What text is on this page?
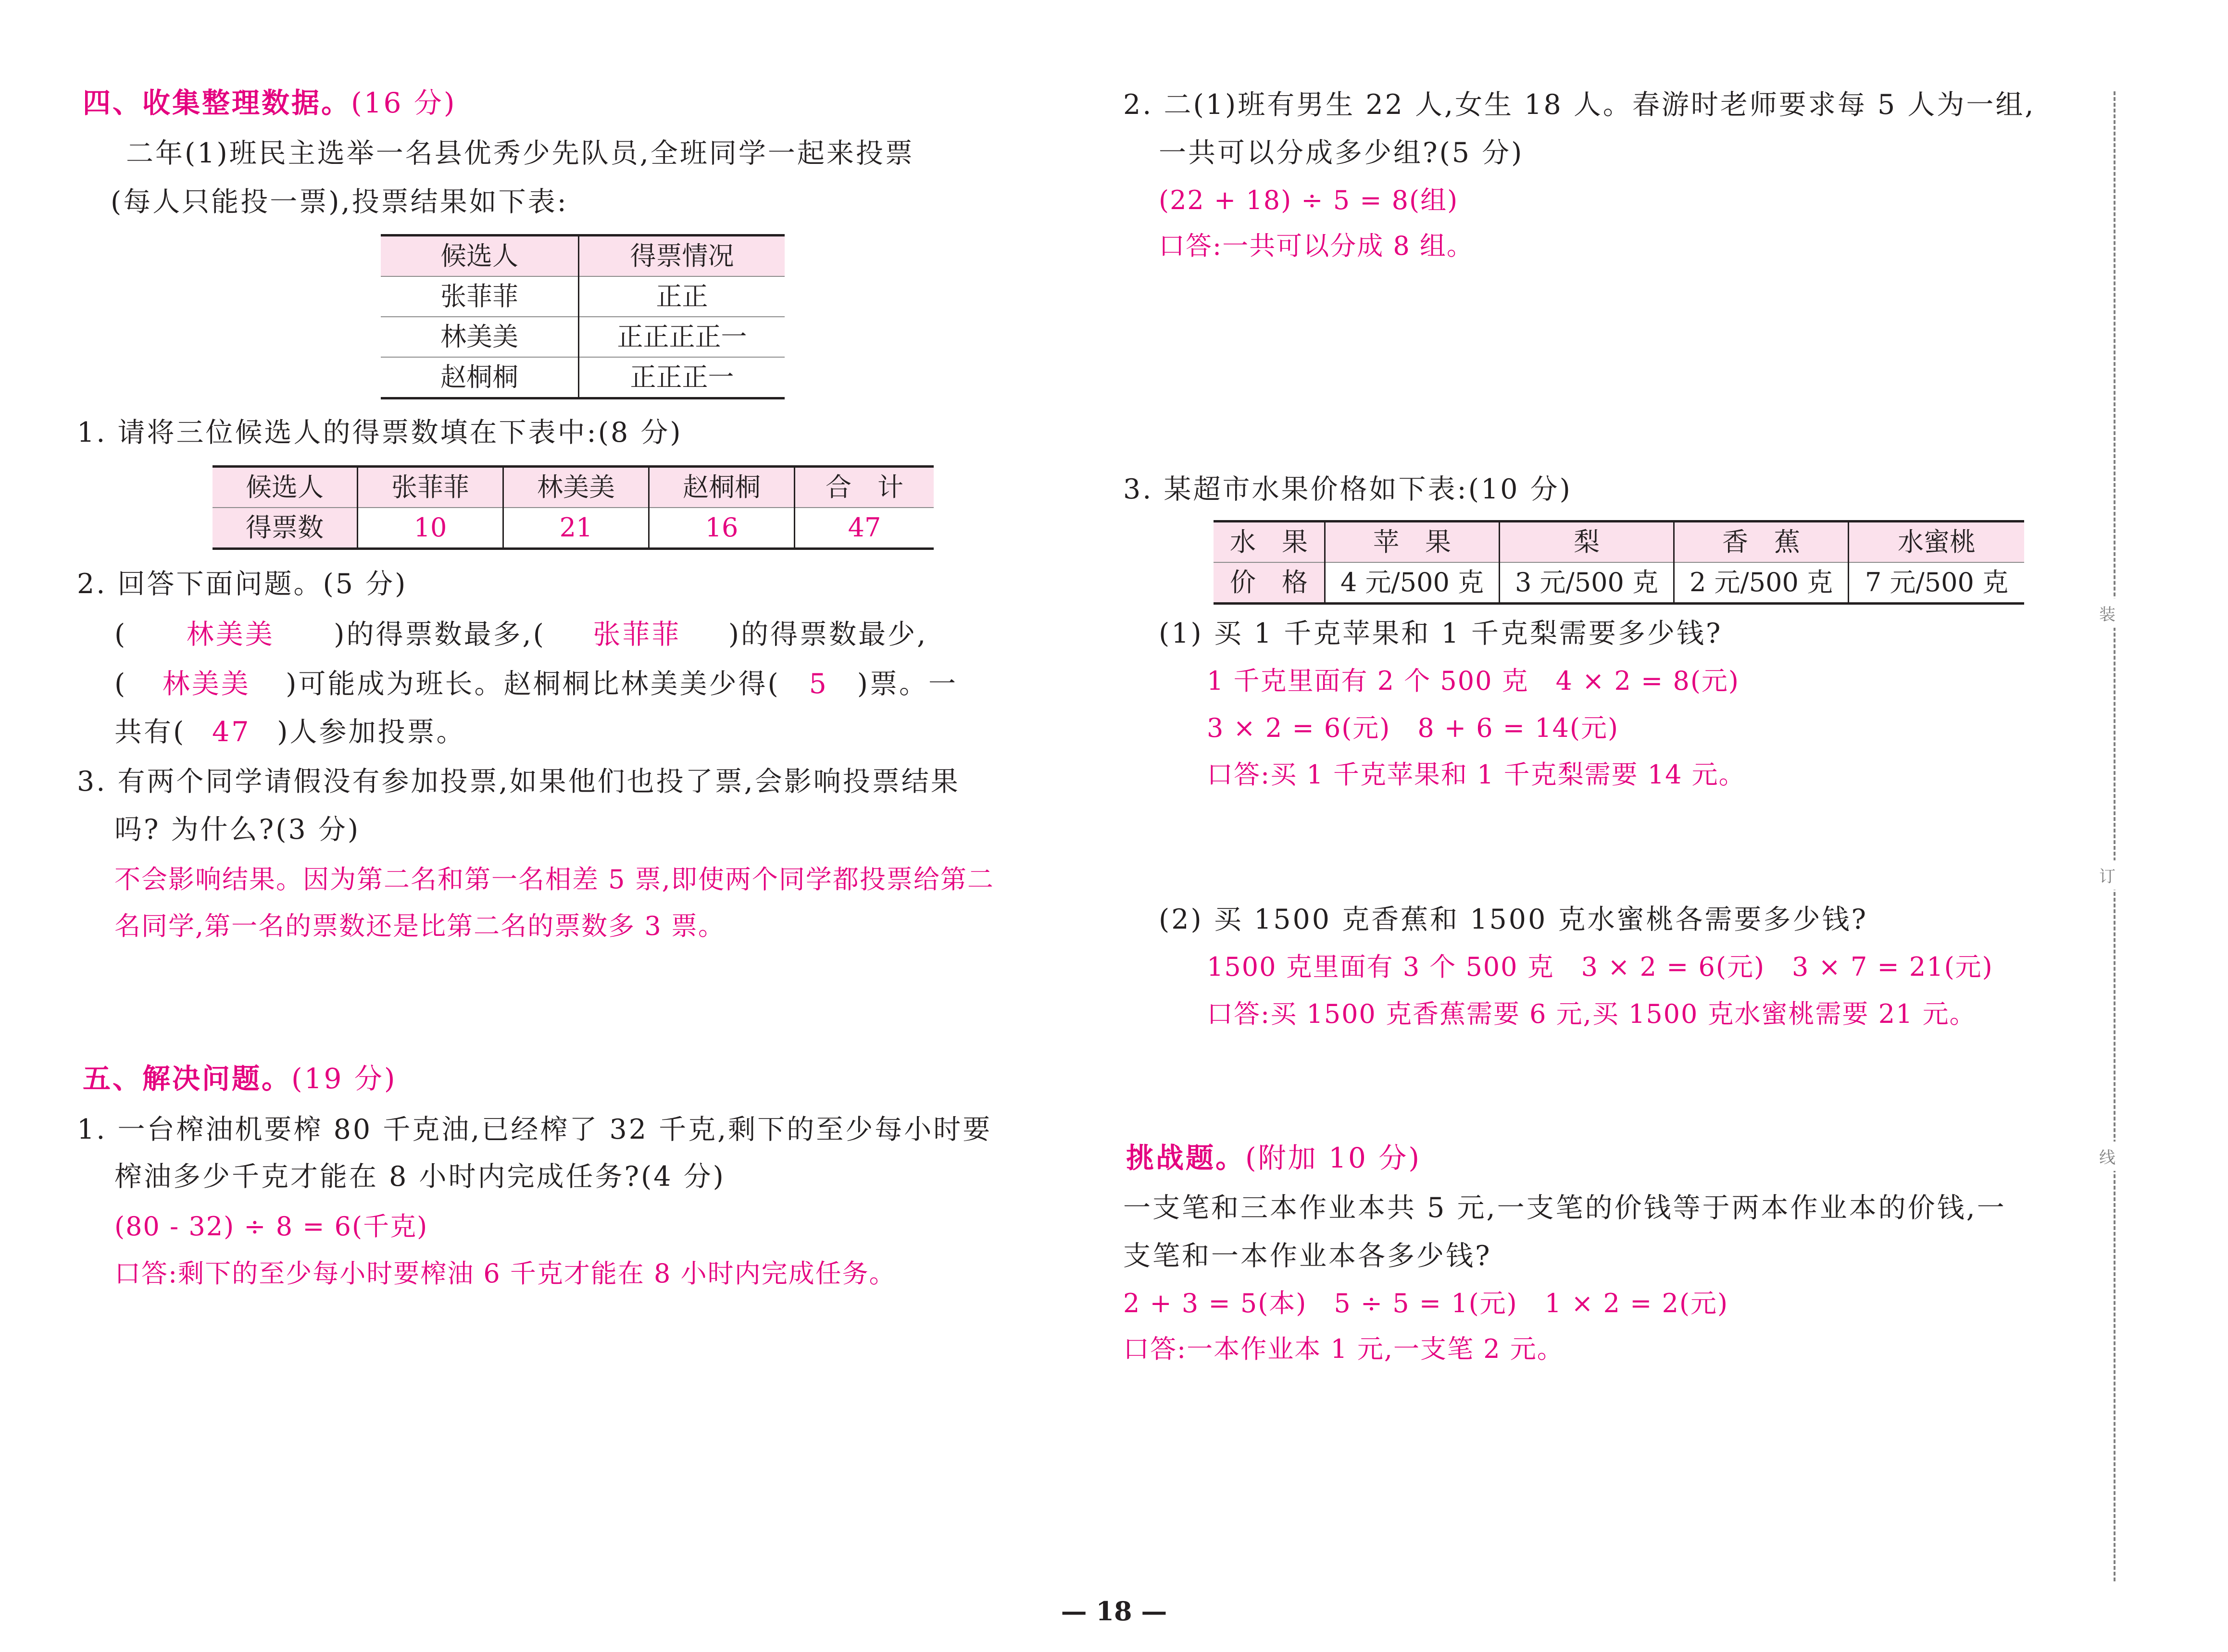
四、收集整理数据。(16 分)
二年(1)班民主选举一名县优秀少先队员,全班同学一起来投票
(每人只能投一票),投票结果如下表:
候选人	得票情况
张菲菲	正正
林美美	正正正正一
赵桐桐	正正正一
1. 请将三位候选人的得票数填在下表中:(8 分)
候选人	张菲菲	林美美	赵桐桐	合　计
得票数	10	21	16	47
2. 回答下面问题。(5 分)
( 林美美 )的得票数最多,( 张菲菲 )的得票数最少,
( 林美美 )可能成为班长。赵桐桐比林美美少得( 5 )票。一
共有( 47 )人参加投票。
3. 有两个同学请假没有参加投票,如果他们也投了票,会影响投票结果
吗? 为什么?(3 分)
不会影响结果。因为第二名和第一名相差 5 票,即使两个同学都投票给第二
名同学,第一名的票数还是比第二名的票数多 3 票。
五、解决问题。(19 分)
1. 一台榨油机要榨 80 千克油,已经榨了 32 千克,剩下的至少每小时要
榨油多少千克才能在 8 小时内完成任务?(4 分)
(80 - 32) ÷ 8 = 6(千克)
口答:剩下的至少每小时要榨油 6 千克才能在 8 小时内完成任务。
2. 二(1)班有男生 22 人,女生 18 人。春游时老师要求每 5 人为一组,
一共可以分成多少组?(5 分)
(22 + 18) ÷ 5 = 8(组)
口答:一共可以分成 8 组。
3. 某超市水果价格如下表:(10 分)
(1) 买 1 千克苹果和 1 千克梨需要多少钱?
1 千克里面有 2 个 500 克　4 × 2 = 8(元)
3 × 2 = 6(元)　8 + 6 = 14(元)
口答:买 1 千克苹果和 1 千克梨需要 14 元。
(2) 买 1500 克香蕉和 1500 克水蜜桃各需要多少钱?
1500 克里面有 3 个 500 克　3 × 2 = 6(元)　3 × 7 = 21(元)
口答:买 1500 克香蕉需要 6 元,买 1500 克水蜜桃需要 21 元。
挑战题。(附加 10 分)
一支笔和三本作业本共 5 元,一支笔的价钱等于两本作业本的价钱,一
支笔和一本作业本各多少钱?
2 + 3 = 5(本)　5 ÷ 5 = 1(元)　1 × 2 = 2(元)
口答:一本作业本 1 元,一支笔 2 元。
水　果	苹　果	梨	香　蕉	水蜜桃
价　格	4 元/500 克	3 元/500 克	2 元/500 克	7 元/500 克
装
订
线
— 18 —
